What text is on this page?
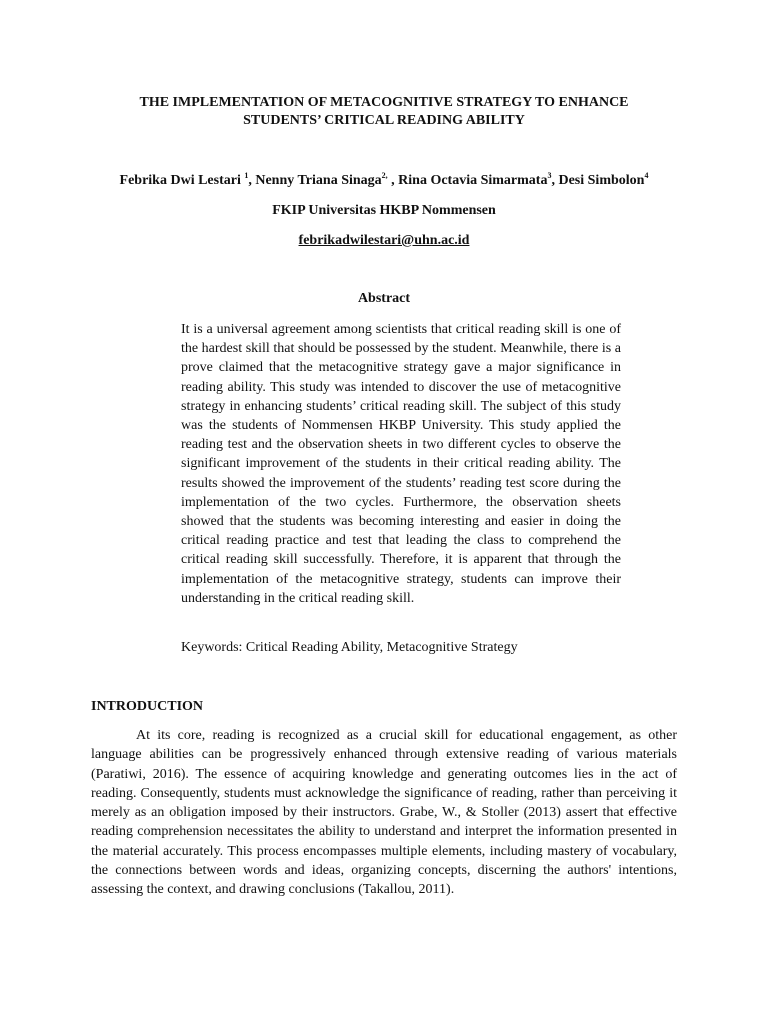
THE IMPLEMENTATION OF METACOGNITIVE STRATEGY TO ENHANCE
STUDENTS’ CRITICAL READING ABILITY
Febrika Dwi Lestari $^1$, Nenny Triana Sinaga$^{2,}$ , Rina Octavia Simarmata$^3$, Desi Simbolon$^4$
FKIP Universitas HKBP Nommensen
febrikadwilestari@uhn.ac.id
Abstract
It is a universal agreement among scientists that critical reading skill is one of the hardest skill that should be possessed by the student. Meanwhile, there is a prove claimed that the metacognitive strategy gave a major significance in reading ability. This study was intended to discover the use of metacognitive strategy in enhancing students’ critical reading skill. The subject of this study was the students of Nommensen HKBP University. This study applied the reading test and the observation sheets in two different cycles to observe the significant improvement of the students in their critical reading ability. The results showed the improvement of the students’ reading test score during the implementation of the two cycles. Furthermore, the observation sheets showed that the students was becoming interesting and easier in doing the critical reading practice and test that leading the class to comprehend the critical reading skill successfully. Therefore, it is apparent that through the implementation of the metacognitive strategy, students can improve their understanding in the critical reading skill.
Keywords: Critical Reading Ability, Metacognitive Strategy
INTRODUCTION
At its core, reading is recognized as a crucial skill for educational engagement, as other language abilities can be progressively enhanced through extensive reading of various materials (Paratiwi, 2016). The essence of acquiring knowledge and generating outcomes lies in the act of reading. Consequently, students must acknowledge the significance of reading, rather than perceiving it merely as an obligation imposed by their instructors. Grabe, W., & Stoller (2013) assert that effective reading comprehension necessitates the ability to understand and interpret the information presented in the material accurately. This process encompasses multiple elements, including mastery of vocabulary, the connections between words and ideas, organizing concepts, discerning the authors' intentions, assessing the context, and drawing conclusions (Takallou, 2011).
